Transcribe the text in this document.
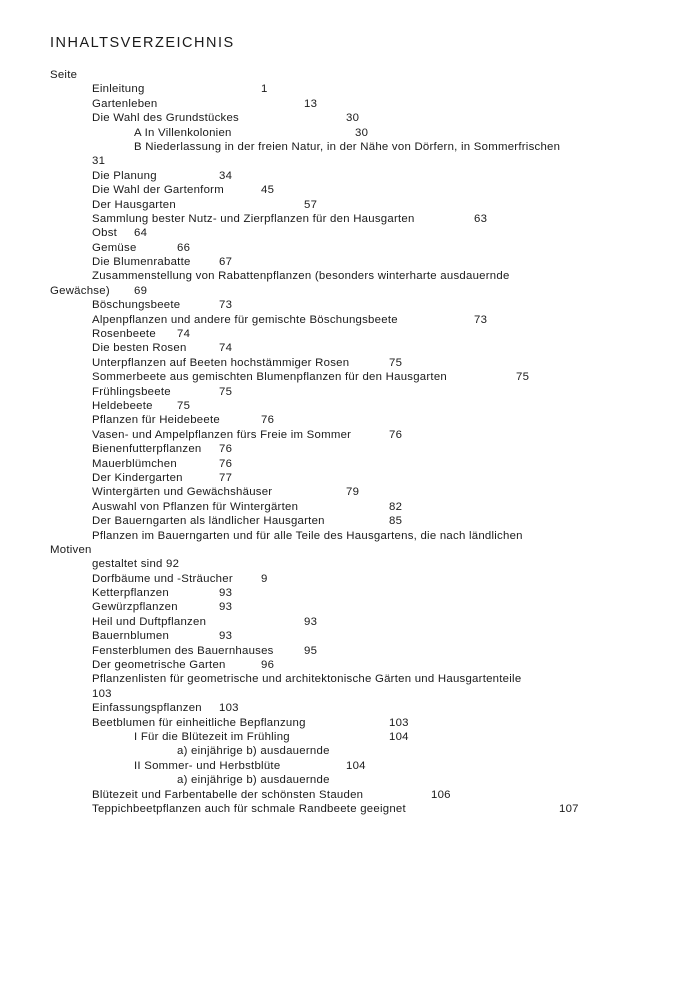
INHALTSVERZEICHNIS
Seite
Einleitung	1
Gartenleben	13
Die Wahl des Grundstückes	30
A In Villenkolonien	30
B Niederlassung in der freien Natur, in der Nähe von Dörfern, in Sommerfrischen
31
Die Planung	34
Die Wahl der Gartenform	45
Der Hausgarten	57
Sammlung bester Nutz- und Zierpflanzen für den Hausgarten	63
Obst 64
Gemüse	66
Die Blumenrabatte 67
Zusammenstellung von Rabattenpflanzen (besonders winterharte ausdauernde
Gewächse) 69
Böschungsbeete	73
Alpenpflanzen und andere für gemischte Böschungsbeete	73
Rosenbeete 74
Die besten Rosen	74
Unterpflanzen auf Beeten hochstämmiger Rosen	75
Sommerbeete aus gemischten Blumenpflanzen für den Hausgarten	75
Frühlingsbeete	75
Heldebeete 75
Pflanzen für Heidebeete	76
Vasen- und Ampelpflanzen fürs Freie im Sommer	76
Bienenfutterpflanzen 76
Mauerblümchen	76
Der Kindergarten	77
Wintergärten und Gewächshäuser	79
Auswahl von Pflanzen für Wintergärten	82
Der Bauerngarten als ländlicher Hausgarten	85
Pflanzen im Bauerngarten und für alle Teile des Hausgartens, die nach ländlichen
Motiven
gestaltet sind 92
Dorfbäume und -Sträucher 9
Ketterpflanzen	93
Gewürzpflanzen	93
Heil und Duftpflanzen	93
Bauernblumen	93
Fensterblumen des Bauernhauses	95
Der geometrische Garten	96
Pflanzenlisten für geometrische und architektonische Gärten und Hausgartenteile
103
Einfassungspflanzen 103
Beetblumen für einheitliche Bepflanzung	103
I Für die Blütezeit im Frühling	104
a) einjährige b) ausdauernde
II Sommer- und Herbstblüte	104
a) einjährige b) ausdauernde
Blütezeit und Farbentabelle der schönsten Stauden	106
Teppichbeetpflanzen auch für schmale Randbeete geeignet	107
